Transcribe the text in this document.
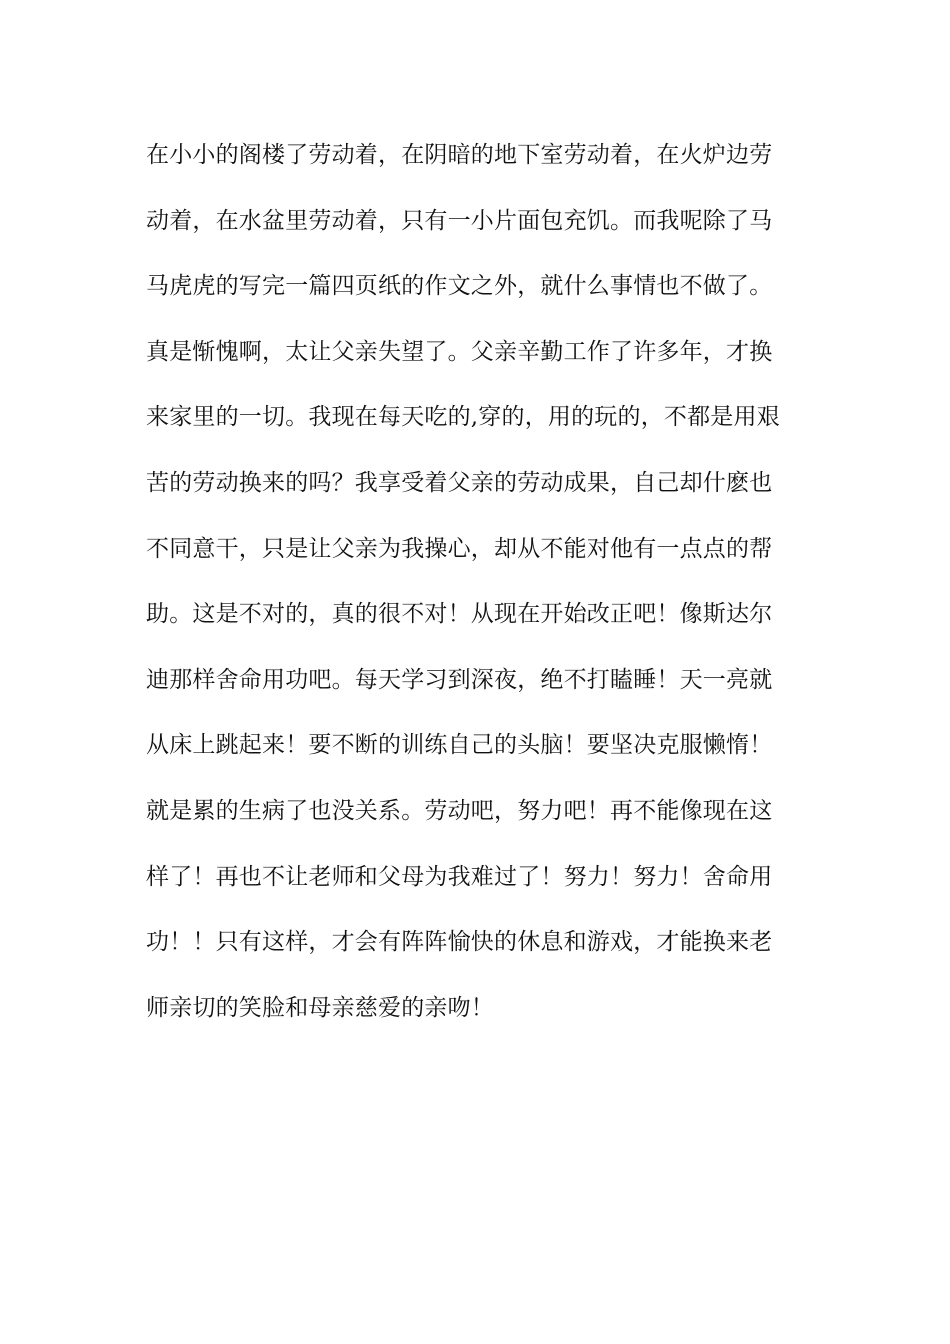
在小小的阁楼了劳动着，在阴暗的地下室劳动着，在火炉边劳
动着，在水盆里劳动着，只有一小片面包充饥。而我呢除了马
马虎虎的写完一篇四页纸的作文之外，就什么事情也不做了。
真是惭愧啊，太让父亲失望了。父亲辛勤工作了许多年，才换
来家里的一切。我现在每天吃的,穿的，用的玩的，不都是用艰
苦的劳动换来的吗？我享受着父亲的劳动成果，自己却什麽也
不同意干，只是让父亲为我操心，却从不能对他有一点点的帮
助。这是不对的，真的很不对！从现在开始改正吧！像斯达尔
迪那样舍命用功吧。每天学习到深夜，绝不打瞌睡！天一亮就
从床上跳起来！要不断的训练自己的头脑！要坚决克服懒惰！
就是累的生病了也没关系。劳动吧，努力吧！再不能像现在这
样了！再也不让老师和父母为我难过了！努力！努力！舍命用
功！！只有这样，才会有阵阵愉快的休息和游戏，才能换来老
师亲切的笑脸和母亲慈爱的亲吻！
